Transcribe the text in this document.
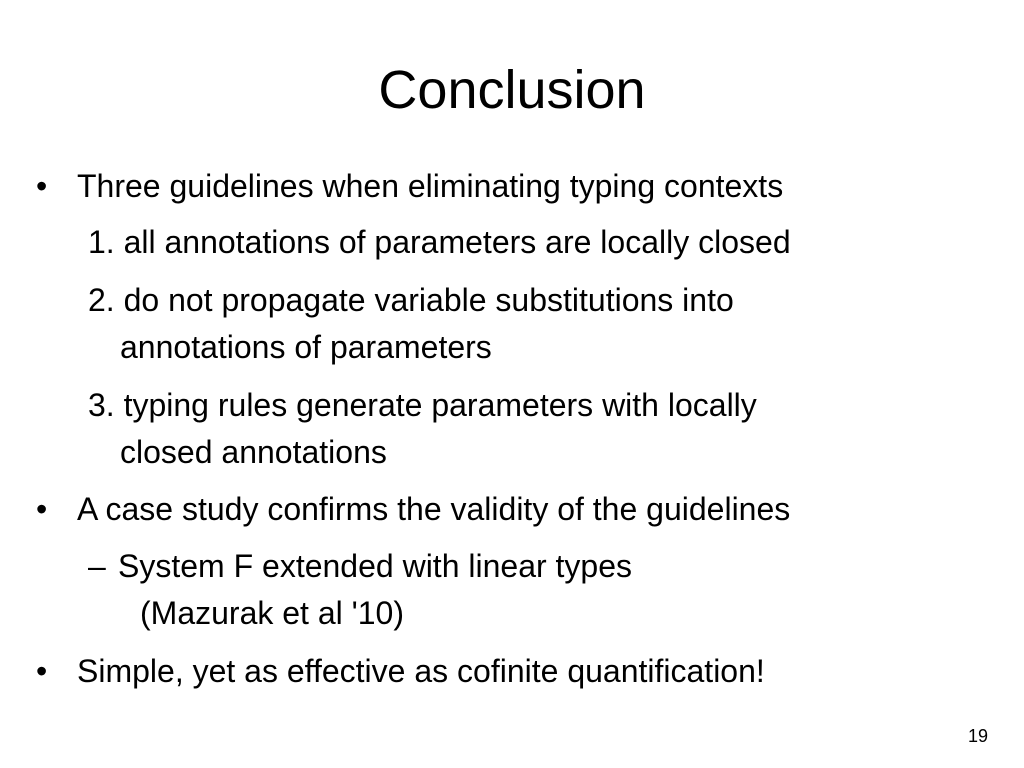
Conclusion
• Three guidelines when eliminating typing contexts
1. all annotations of parameters are locally closed
2. do not propagate variable substitutions into
annotations of parameters
3. typing rules generate parameters with locally
closed annotations
• A case study confirms the validity of the guidelines
– System F extended with linear types
(Mazurak et al '10)
• Simple, yet as effective as cofinite quantification!
19
